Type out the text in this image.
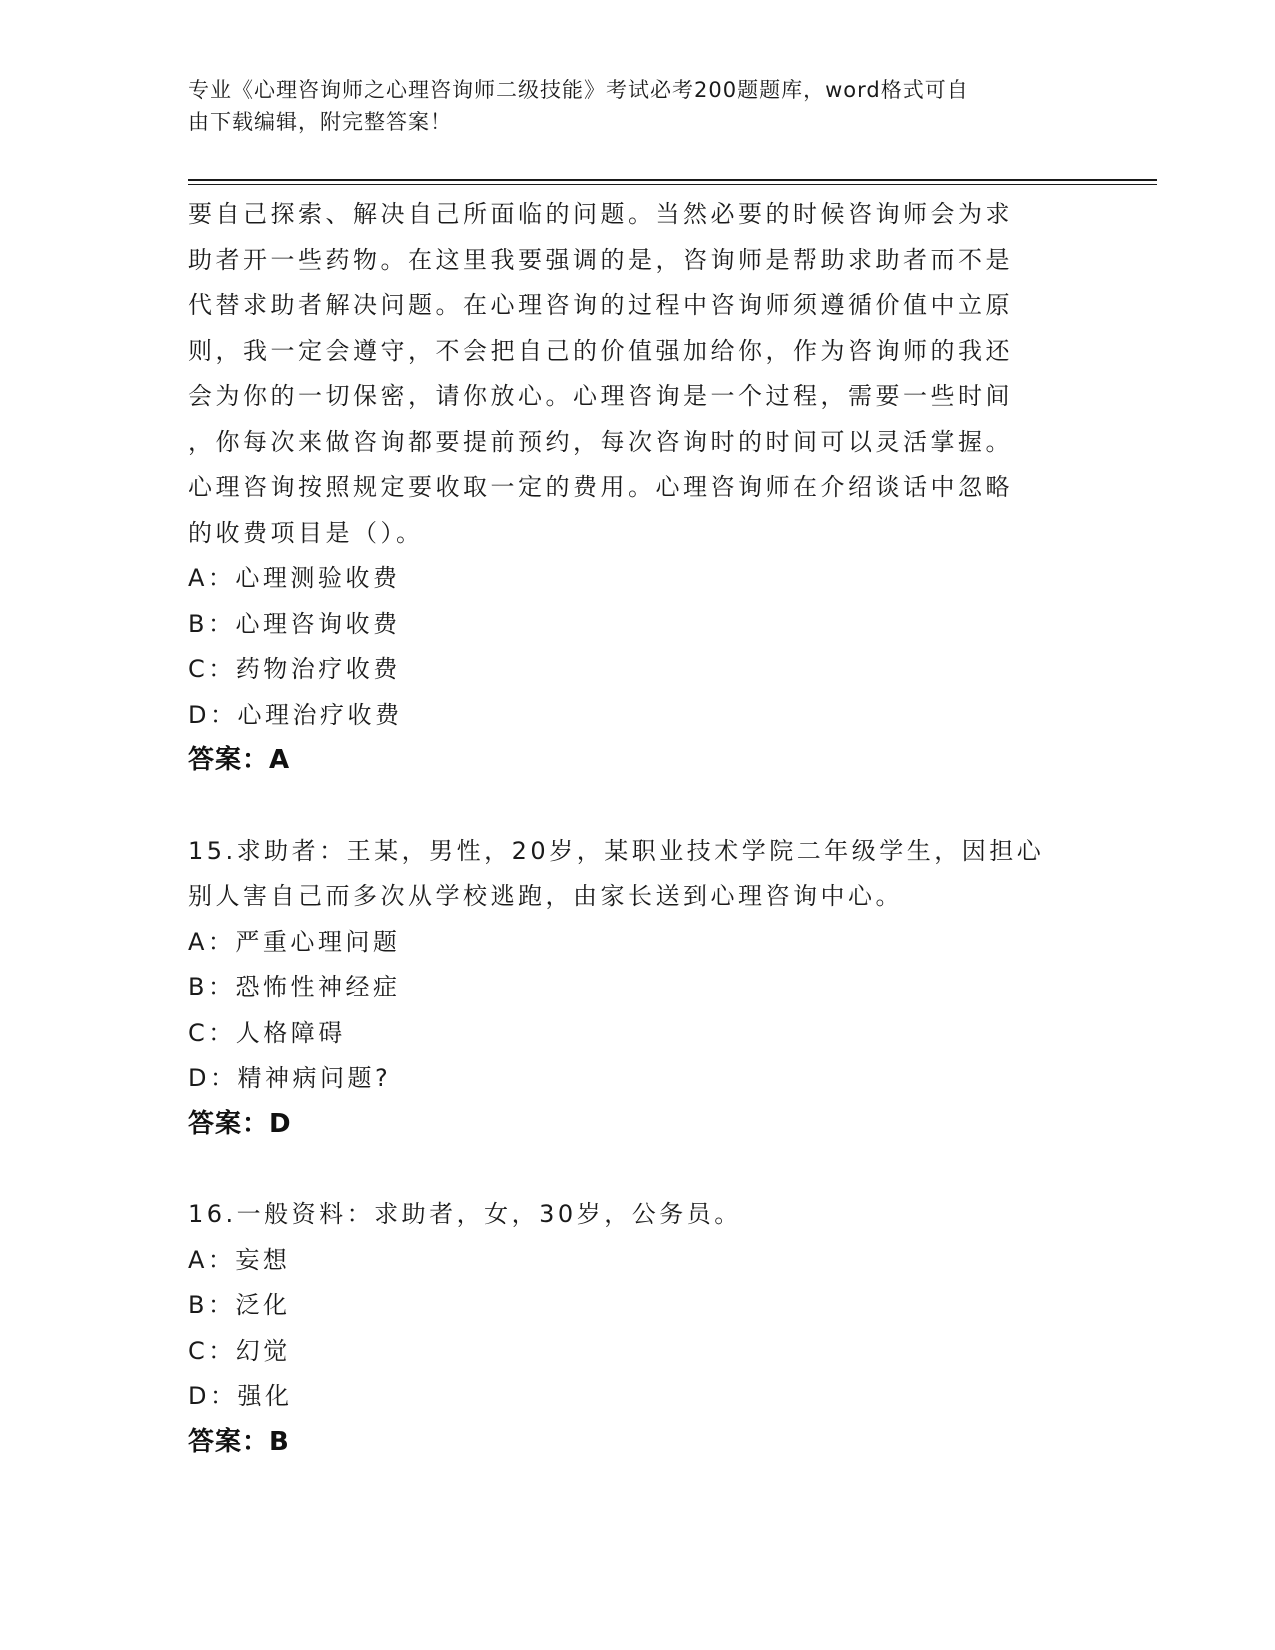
专业《心理咨询师之心理咨询师二级技能》考试必考200题题库，word格式可自
由下载编辑，附完整答案！
要自己探索、解决自己所面临的问题。当然必要的时候咨询师会为求
助者开一些药物。在这里我要强调的是，咨询师是帮助求助者而不是
代替求助者解决问题。在心理咨询的过程中咨询师须遵循价值中立原
则，我一定会遵守，不会把自己的价值强加给你，作为咨询师的我还
会为你的一切保密，请你放心。心理咨询是一个过程，需要一些时间
，你每次来做咨询都要提前预约，每次咨询时的时间可以灵活掌握。
心理咨询按照规定要收取一定的费用。心理咨询师在介绍谈话中忽略
的收费项目是（）。
A：心理测验收费
B：心理咨询收费
C：药物治疗收费
D：心理治疗收费
答案：A
15.求助者：王某，男性，20岁，某职业技术学院二年级学生，因担心
别人害自己而多次从学校逃跑，由家长送到心理咨询中心。
A：严重心理问题
B：恐怖性神经症
C：人格障碍
D：精神病问题?
答案：D
16.一般资料：求助者，女，30岁，公务员。
A：妄想
B：泛化
C：幻觉
D：强化
答案：B
